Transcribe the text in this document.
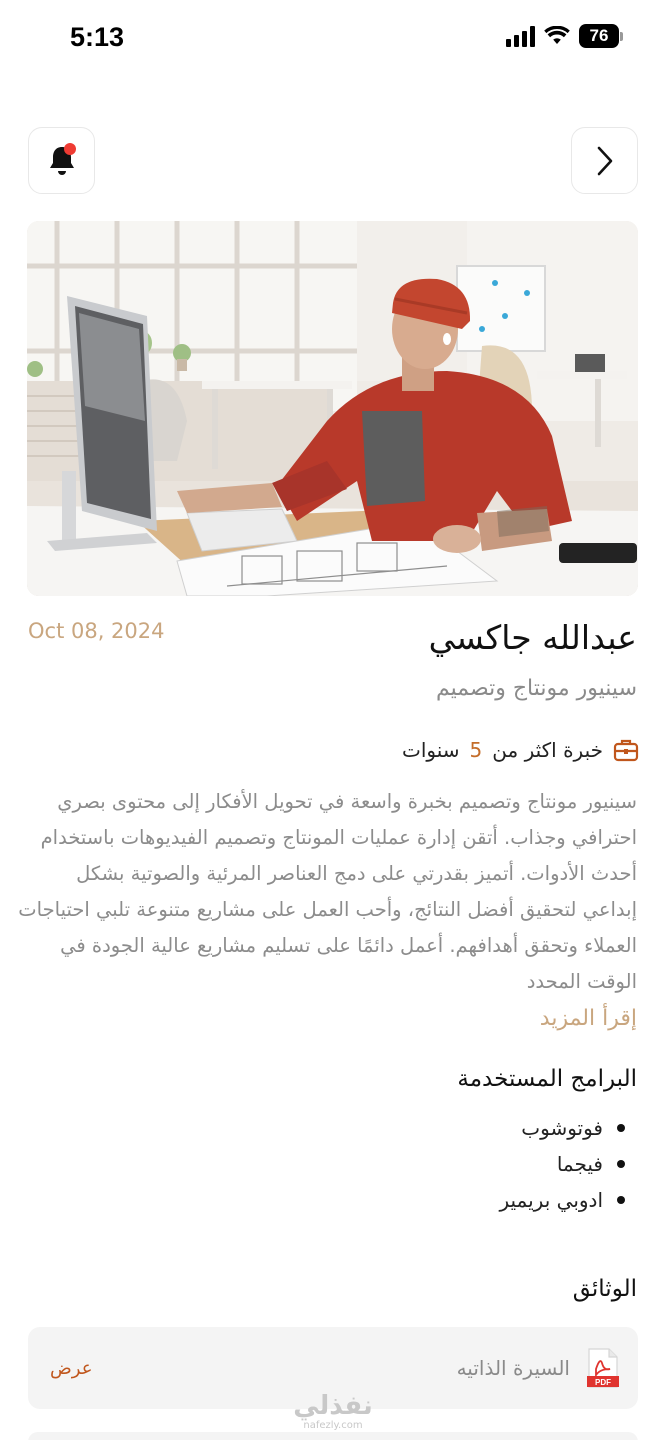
5:13	76
Oct 08, 2024	عبدالله جاكسي
سينيور مونتاج وتصميم
خبرة اكثر من
5
سنوات
سينيور مونتاج وتصميم بخبرة واسعة في تحويل الأفكار إلى محتوى بصري احترافي وجذاب. أتقن إدارة عمليات المونتاج وتصميم الفيديوهات باستخدام أحدث الأدوات. أتميز بقدرتي على دمج العناصر المرئية والصوتية بشكل إبداعي لتحقيق أفضل النتائج، وأحب العمل على مشاريع متنوعة تلبي احتياجات العملاء وتحقق أهدافهم. أعمل دائمًا على تسليم مشاريع عالية الجودة في الوقت المحدد
إقرأ المزيد
البرامج المستخدمة
فوتوشوب
فيجما
ادوبي بريمير
الوثائق
PDF
السيرة الذاتيه
عرض
نفذلي
nafezly.com
